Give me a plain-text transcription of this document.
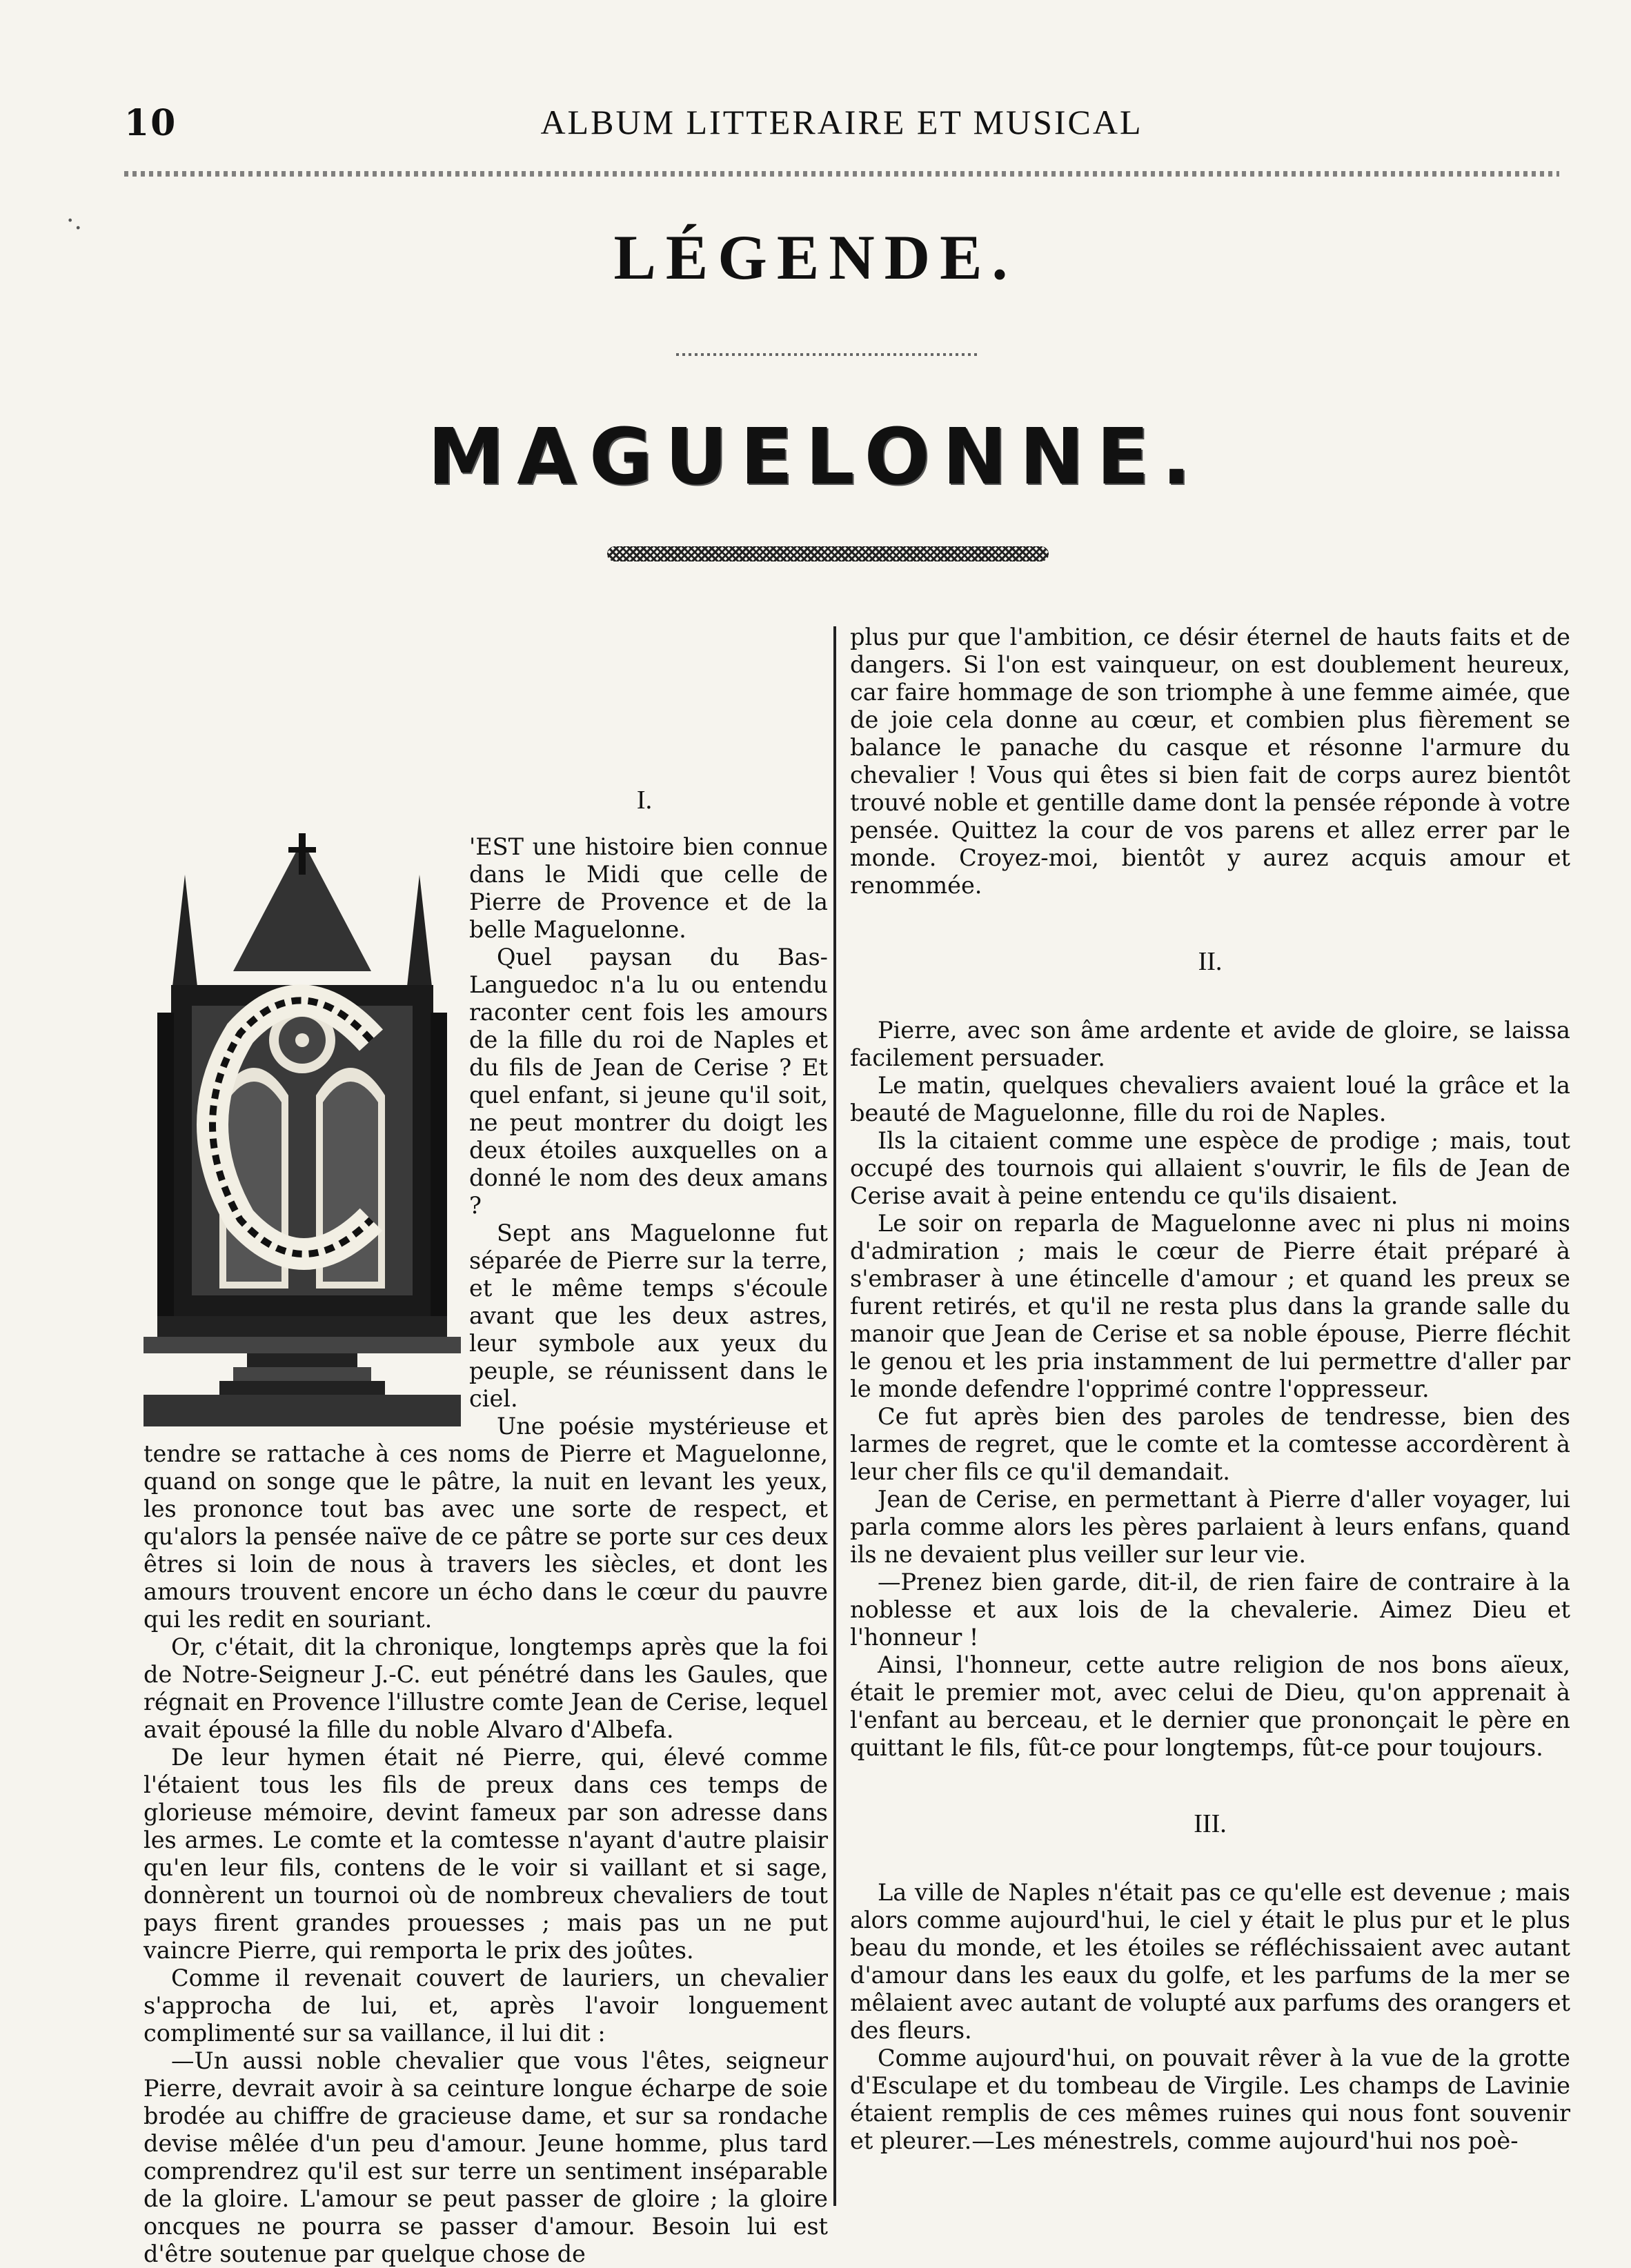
10	ALBUM LITTERAIRE ET MUSICAL
·.
LÉGENDE.
MAGUELONNE.

I.

'EST une histoire bien connue dans le Midi que celle de Pierre de Provence et de la belle Maguelonne.

Quel paysan du Bas-Languedoc n'a lu ou entendu raconter cent fois les amours de la fille du roi de Naples et du fils de Jean de Cerise ? Et quel enfant, si jeune qu'il soit, ne peut montrer du doigt les deux étoiles auxquelles on a donné le nom des deux amans ?

Sept ans Maguelonne fut séparée de Pierre sur la terre, et le même temps s'écoule avant que les deux astres, leur symbole aux yeux du peuple, se réunissent dans le ciel.

Une poésie mystérieuse et tendre se rattache à ces noms de Pierre et Maguelonne, quand on songe que le pâtre, la nuit en levant les yeux, les prononce tout bas avec une sorte de respect, et qu'alors la pensée naïve de ce pâtre se porte sur ces deux êtres si loin de nous à travers les siècles, et dont les amours trouvent encore un écho dans le cœur du pauvre qui les redit en souriant.

Or, c'était, dit la chronique, longtemps après que la foi de Notre-Seigneur J.-C. eut pénétré dans les Gaules, que régnait en Provence l'illustre comte Jean de Cerise, lequel avait épousé la fille du noble Alvaro d'Albefa.

De leur hymen était né Pierre, qui, élevé comme l'étaient tous les fils de preux dans ces temps de glorieuse mémoire, devint fameux par son adresse dans les armes. Le comte et la comtesse n'ayant d'autre plaisir qu'en leur fils, contens de le voir si vaillant et si sage, donnèrent un tournoi où de nombreux chevaliers de tout pays firent grandes prouesses ; mais pas un ne put vaincre Pierre, qui remporta le prix des joûtes.

Comme il revenait couvert de lauriers, un chevalier s'approcha de lui, et, après l'avoir longuement complimenté sur sa vaillance, il lui dit :

—Un aussi noble chevalier que vous l'êtes, seigneur Pierre, devrait avoir à sa ceinture longue écharpe de soie brodée au chiffre de gracieuse dame, et sur sa rondache devise mêlée d'un peu d'amour. Jeune homme, plus tard comprendrez qu'il est sur terre un sentiment inséparable de la gloire. L'amour se peut passer de gloire ; la gloire oncques ne pourra se passer d'amour. Besoin lui est d'être soutenue par quelque chose de

plus pur que l'ambition, ce désir éternel de hauts faits et de dangers. Si l'on est vainqueur, on est doublement heureux, car faire hommage de son triomphe à une femme aimée, que de joie cela donne au cœur, et combien plus fièrement se balance le panache du casque et résonne l'armure du chevalier ! Vous qui êtes si bien fait de corps aurez bientôt trouvé noble et gentille dame dont la pensée réponde à votre pensée. Quittez la cour de vos parens et allez errer par le monde. Croyez-moi, bientôt y aurez acquis amour et renommée.

II.

Pierre, avec son âme ardente et avide de gloire, se laissa facilement persuader.

Le matin, quelques chevaliers avaient loué la grâce et la beauté de Maguelonne, fille du roi de Naples.

Ils la citaient comme une espèce de prodige ; mais, tout occupé des tournois qui allaient s'ouvrir, le fils de Jean de Cerise avait à peine entendu ce qu'ils disaient.

Le soir on reparla de Maguelonne avec ni plus ni moins d'admiration ; mais le cœur de Pierre était préparé à s'embraser à une étincelle d'amour ; et quand les preux se furent retirés, et qu'il ne resta plus dans la grande salle du manoir que Jean de Cerise et sa noble épouse, Pierre fléchit le genou et les pria instamment de lui permettre d'aller par le monde defendre l'opprimé contre l'oppresseur.

Ce fut après bien des paroles de tendresse, bien des larmes de regret, que le comte et la comtesse accordèrent à leur cher fils ce qu'il demandait.

Jean de Cerise, en permettant à Pierre d'aller voyager, lui parla comme alors les pères parlaient à leurs enfans, quand ils ne devaient plus veiller sur leur vie.

—Prenez bien garde, dit-il, de rien faire de contraire à la noblesse et aux lois de la chevalerie. Aimez Dieu et l'honneur !

Ainsi, l'honneur, cette autre religion de nos bons aïeux, était le premier mot, avec celui de Dieu, qu'on apprenait à l'enfant au berceau, et le dernier que prononçait le père en quittant le fils, fût-ce pour longtemps, fût-ce pour toujours.

III.

La ville de Naples n'était pas ce qu'elle est devenue ; mais alors comme aujourd'hui, le ciel y était le plus pur et le plus beau du monde, et les étoiles se réfléchissaient avec autant d'amour dans les eaux du golfe, et les parfums de la mer se mêlaient avec autant de volupté aux parfums des orangers et des fleurs.

Comme aujourd'hui, on pouvait rêver à la vue de la grotte d'Esculape et du tombeau de Virgile. Les champs de Lavinie étaient remplis de ces mêmes ruines qui nous font souvenir et pleurer.—Les ménestrels, comme aujourd'hui nos poè-
